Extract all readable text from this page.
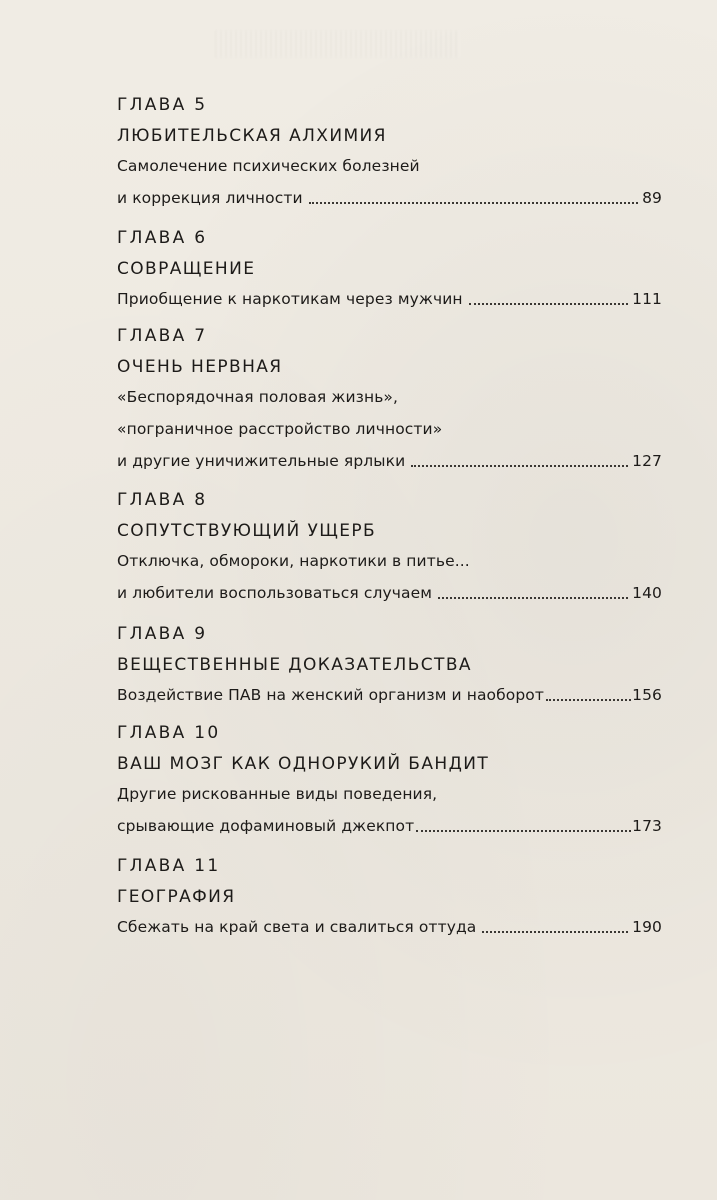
ГЛАВА 5
ЛЮБИТЕЛЬСКАЯ АЛХИМИЯ
Самолечение психических болезней
и коррекция личности	89
ГЛАВА 6
СОВРАЩЕНИЕ
Приобщение к наркотикам через мужчин	111
ГЛАВА 7
ОЧЕНЬ НЕРВНАЯ
«Беспорядочная половая жизнь»,
«пограничное расстройство личности»
и другие уничижительные ярлыки	127
ГЛАВА 8
СОПУТСТВУЮЩИЙ УЩЕРБ
Отключка, обмороки, наркотики в питье...
и любители воспользоваться случаем	140
ГЛАВА 9
ВЕЩЕСТВЕННЫЕ ДОКАЗАТЕЛЬСТВА
Воздействие ПАВ на женский организм и наоборот	156
ГЛАВА 10
ВАШ МОЗГ КАК ОДНОРУКИЙ БАНДИТ
Другие рискованные виды поведения,
срывающие дофаминовый джекпот	173
ГЛАВА 11
ГЕОГРАФИЯ
Сбежать на край света и свалиться оттуда	190
